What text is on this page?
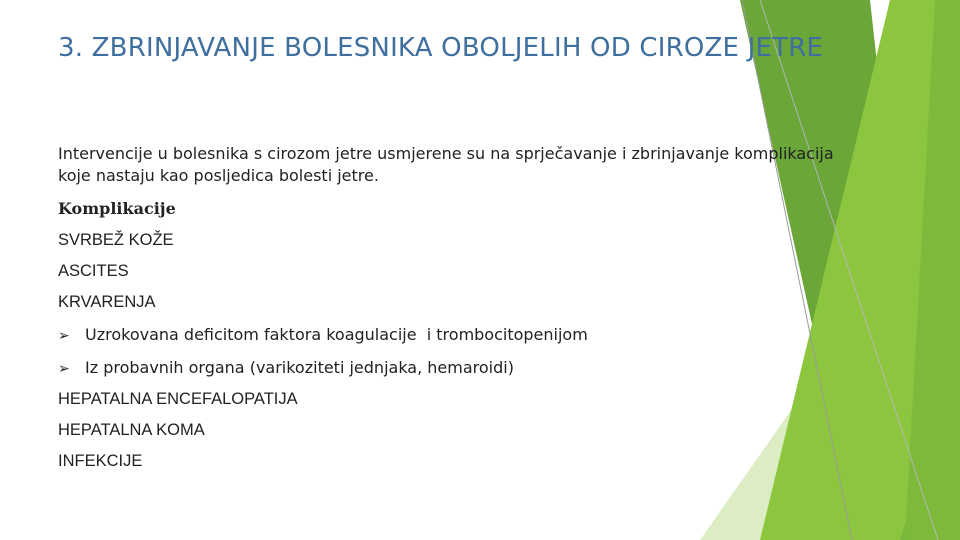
3. ZBRINJAVANJE BOLESNIKA OBOLJELIH OD CIROZE JETRE

Intervencije u bolesnika s cirozom jetre usmjerene su na sprječavanje i zbrinjavanje komplikacija koje nastaju kao posljedica bolesti jetre.

Komplikacije
SVRBEŽ KOŽE
ASCITES
KRVARENJA
➢ Uzrokovana deficitom faktora koagulacije  i trombocitopenijom
➢ Iz probavnih organa (varikoziteti jednjaka, hemaroidi)
HEPATALNA ENCEFALOPATIJA
HEPATALNA KOMA
INFEKCIJE
